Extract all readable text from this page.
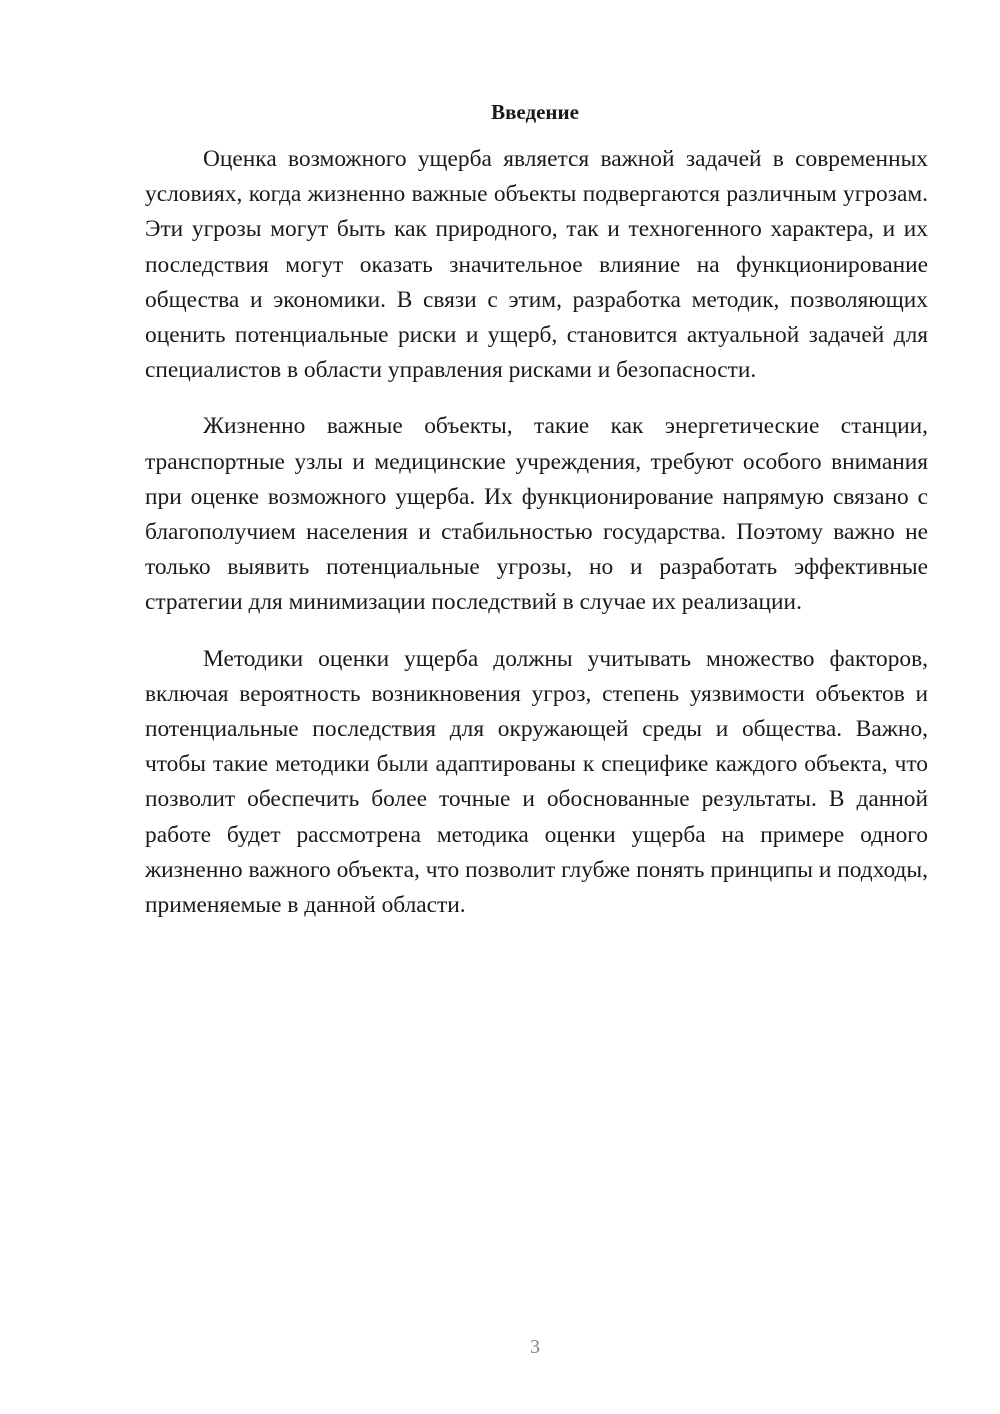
Введение

Оценка возможного ущерба является важной задачей в современных условиях, когда жизненно важные объекты подвергаются различным угрозам. Эти угрозы могут быть как природного, так и техногенного характера, и их последствия могут оказать значительное влияние на функционирование общества и экономики. В связи с этим, разработка методик, позволяющих оценить потенциальные риски и ущерб, становится актуальной задачей для специалистов в области управления рисками и безопасности.

Жизненно важные объекты, такие как энергетические станции, транспортные узлы и медицинские учреждения, требуют особого внимания при оценке возможного ущерба. Их функционирование напрямую связано с благополучием населения и стабильностью государства. Поэтому важно не только выявить потенциальные угрозы, но и разработать эффективные стратегии для минимизации последствий в случае их реализации.

Методики оценки ущерба должны учитывать множество факторов, включая вероятность возникновения угроз, степень уязвимости объектов и потенциальные последствия для окружающей среды и общества. Важно, чтобы такие методики были адаптированы к специфике каждого объекта, что позволит обеспечить более точные и обоснованные результаты. В данной работе будет рассмотрена методика оценки ущерба на примере одного жизненно важного объекта, что позволит глубже понять принципы и подходы, применяемые в данной области.

3
